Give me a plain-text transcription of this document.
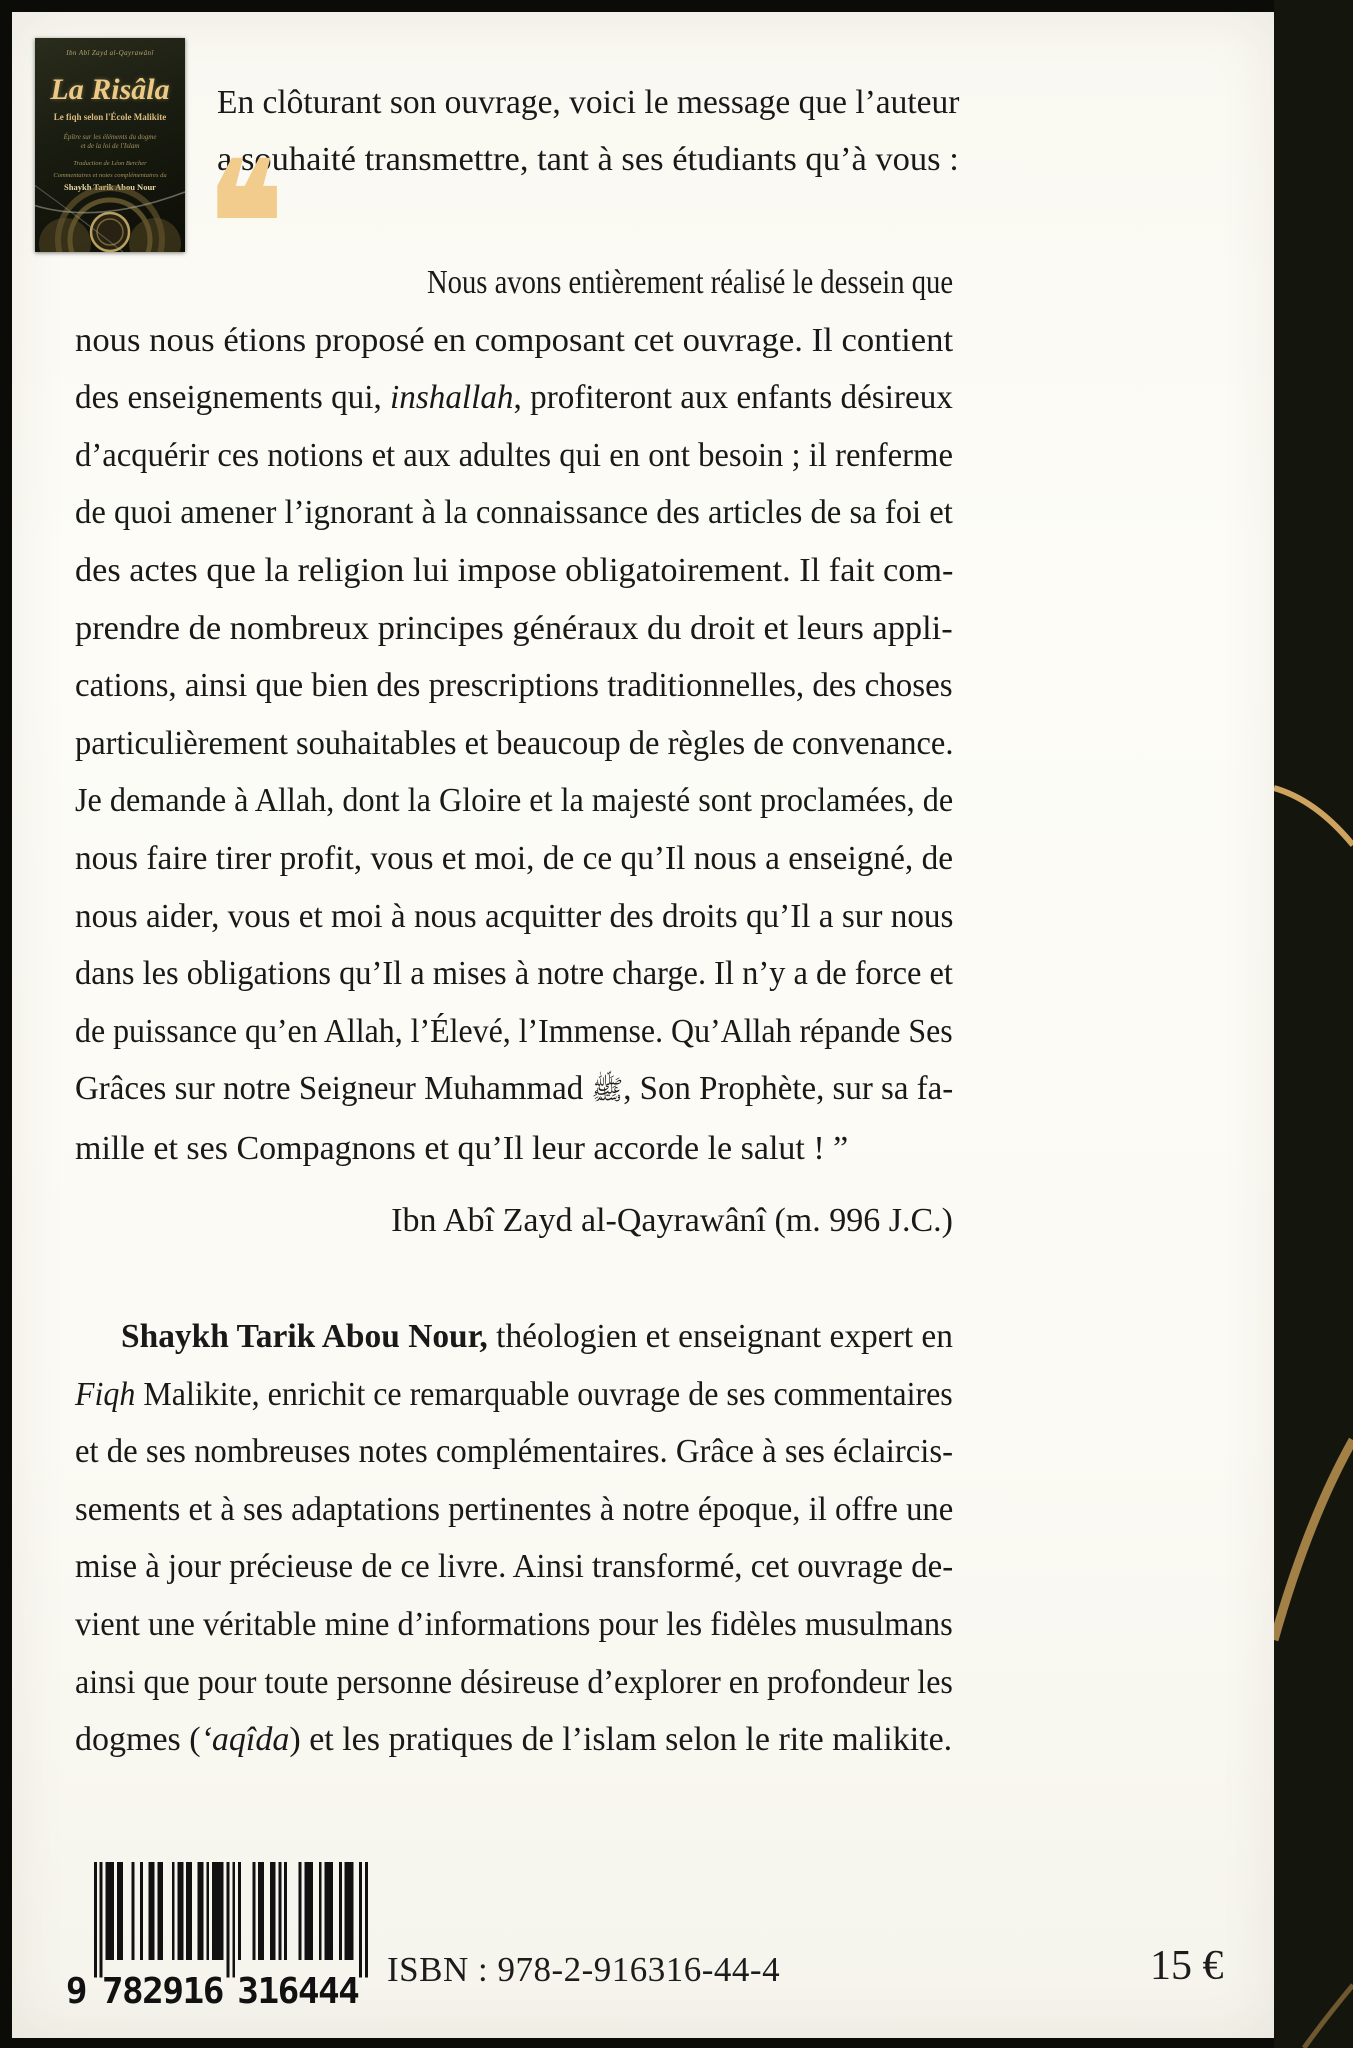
Ibn Abî Zayd al-Qayrawânî
La Risâla
Le fiqh selon l'École Malikite
Épître sur les éléments du dogme
et de la loi de l'Islam
Traduction de Léon Bercher
Commentaires et notes complémentaires du
Shaykh Tarik Abou Nour
En clôturant son ouvrage, voici le message que l’auteur
a souhaité transmettre, tant à ses étudiants qu’à vous :
❛❛	Nous avons entièrement réalisé le dessein que
nous nous étions proposé en composant cet ouvrage. Il contient
des enseignements qui, inshallah, profiteront aux enfants désireux
d’acquérir ces notions et aux adultes qui en ont besoin ; il renferme
de quoi amener l’ignorant à la connaissance des articles de sa foi et
des actes que la religion lui impose obligatoirement. Il fait com-
prendre de nombreux principes généraux du droit et leurs appli-
cations, ainsi que bien des prescriptions traditionnelles, des choses
particulièrement souhaitables et beaucoup de règles de convenance.
Je demande à Allah, dont la Gloire et la majesté sont proclamées, de
nous faire tirer profit, vous et moi, de ce qu’Il nous a enseigné, de
nous aider, vous et moi à nous acquitter des droits qu’Il a sur nous
dans les obligations qu’Il a mises à notre charge. Il n’y a de force et
de puissance qu’en Allah, l’Élevé, l’Immense. Qu’Allah répande Ses
Grâces sur notre Seigneur Muhammad ﷺ, Son Prophète, sur sa fa-
mille et ses Compagnons et qu’Il leur accorde le salut ! ”
Ibn Abî Zayd al-Qayrawânî (m. 996 J.C.)
Shaykh Tarik Abou Nour, théologien et enseignant expert en
Fiqh Malikite, enrichit ce remarquable ouvrage de ses commentaires
et de ses nombreuses notes complémentaires. Grâce à ses éclaircis-
sements et à ses adaptations pertinentes à notre époque, il offre une
mise à jour précieuse de ce livre. Ainsi transformé, cet ouvrage de-
vient une véritable mine d’informations pour les fidèles musulmans
ainsi que pour toute personne désireuse d’explorer en profondeur les
dogmes (‘aqîda) et les pratiques de l’islam selon le rite malikite.
9 7
8
2
9
1
6 3
1
6
4
4
4
ISBN : 978-2-916316-44-4	15 €
